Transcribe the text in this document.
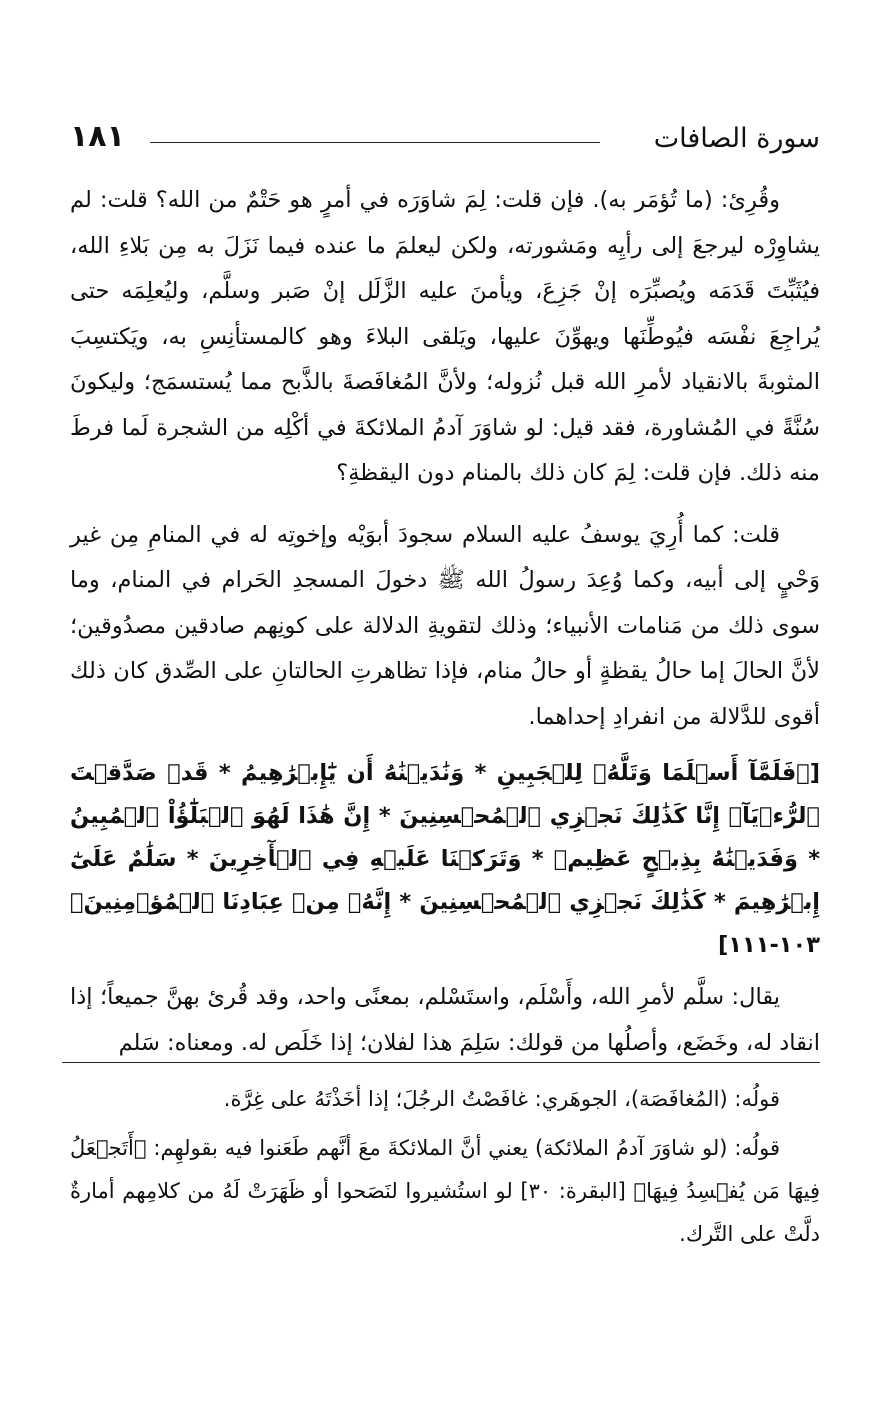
سورة الصافات
١٨١

وقُرِئ: (ما تُؤمَر به). فإن قلت: لِمَ شاوَرَه في أمرٍ هو حَتْمٌ من الله؟ قلت: لم يشاوِرْه ليرجعَ إلى رأيِه ومَشورته، ولكن ليعلمَ ما عنده فيما نَزَلَ به مِن بَلاءِ الله، فيُثَبِّتَ قَدَمَه ويُصبِّرَه إنْ جَزِعَ، ويأمنَ عليه الزَّلَل إنْ صَبر وسلَّم، وليُعلِمَه حتى يُراجِعَ نفْسَه فيُوطِّنَها ويهوِّنَ عليها، ويَلقى البلاءَ وهو كالمستأنِسِ به، ويَكتسِبَ المثوبةَ بالانقياد لأمرِ الله قبل نُزوله؛ ولأنَّ المُغافَصةَ بالذَّبح مما يُستسمَج؛ وليكونَ سُنَّةً في المُشاورة، فقد قيل: لو شاوَرَ آدمُ الملائكةَ في أكْلِه من الشجرة لَما فرطَ منه ذلك. فإن قلت: لِمَ كان ذلك بالمنام دون اليقظةِ؟

قلت: كما أُرِيَ يوسفُ عليه السلام سجودَ أبوَيْه وإخوتِه له في المنامِ مِن غير وَحْيٍ إلى أبيه، وكما وُعِدَ رسولُ الله ﷺ دخولَ المسجدِ الحَرام في المنام، وما سوى ذلك من مَنامات الأنبياء؛ وذلك لتقويةِ الدلالة على كونِهم صادقين مصدُوقين؛ لأنَّ الحالَ إما حالُ يقظةٍ أو حالُ منام، فإذا تظاهرتِ الحالتانِ على الصِّدق كان ذلك أقوى للدَّلالة من انفرادِ إحداهما.

[﴿فَلَمَّآ أَسۡلَمَا وَتَلَّهُۥ لِلۡجَبِينِ * وَنَٰدَيۡنَٰهُ أَن يَٰٓإِبۡرَٰهِيمُ * قَدۡ صَدَّقۡتَ ٱلرُّءۡيَآۚ إِنَّا كَذَٰلِكَ نَجۡزِي ٱلۡمُحۡسِنِينَ * إِنَّ هَٰذَا لَهُوَ ٱلۡبَلَٰٓؤُاْ ٱلۡمُبِينُ * وَفَدَيۡنَٰهُ بِذِبۡحٍ عَظِيمٖ * وَتَرَكۡنَا عَلَيۡهِ فِي ٱلۡأٓخِرِينَ * سَلَٰمٌ عَلَىٰٓ إِبۡرَٰهِيمَ * كَذَٰلِكَ نَجۡزِي ٱلۡمُحۡسِنِينَ * إِنَّهُۥ مِنۡ عِبَادِنَا ٱلۡمُؤۡمِنِينَ﴾ ١٠٣-١١١]

يقال: سلَّم لأمرِ الله، وأَسْلَم، واستَسْلم، بمعنًى واحد، وقد قُرئ بهنَّ جميعاً؛ إذا انقاد له، وخَضَع، وأصلُها من قولك: سَلِمَ هذا لفلان؛ إذا خَلَص له. ومعناه: سَلم

قولُه: (المُغافَصَة)، الجوهَري: غافَصْتُ الرجُلَ؛ إذا أخَذْتَهُ على غِرَّة.

قولُه: (لو شاوَرَ آدمُ الملائكة) يعني أنَّ الملائكةَ معَ أنَّهم طَعَنوا فيه بقولهِم: ﴿أَتَجۡعَلُ فِيهَا مَن يُفۡسِدُ فِيهَا﴾ [البقرة: ٣٠] لو استُشيروا لنَصَحوا أو ظَهَرَتْ لَهُ من كلامِهم أمارةٌ دلَّتْ على التَّرك.
